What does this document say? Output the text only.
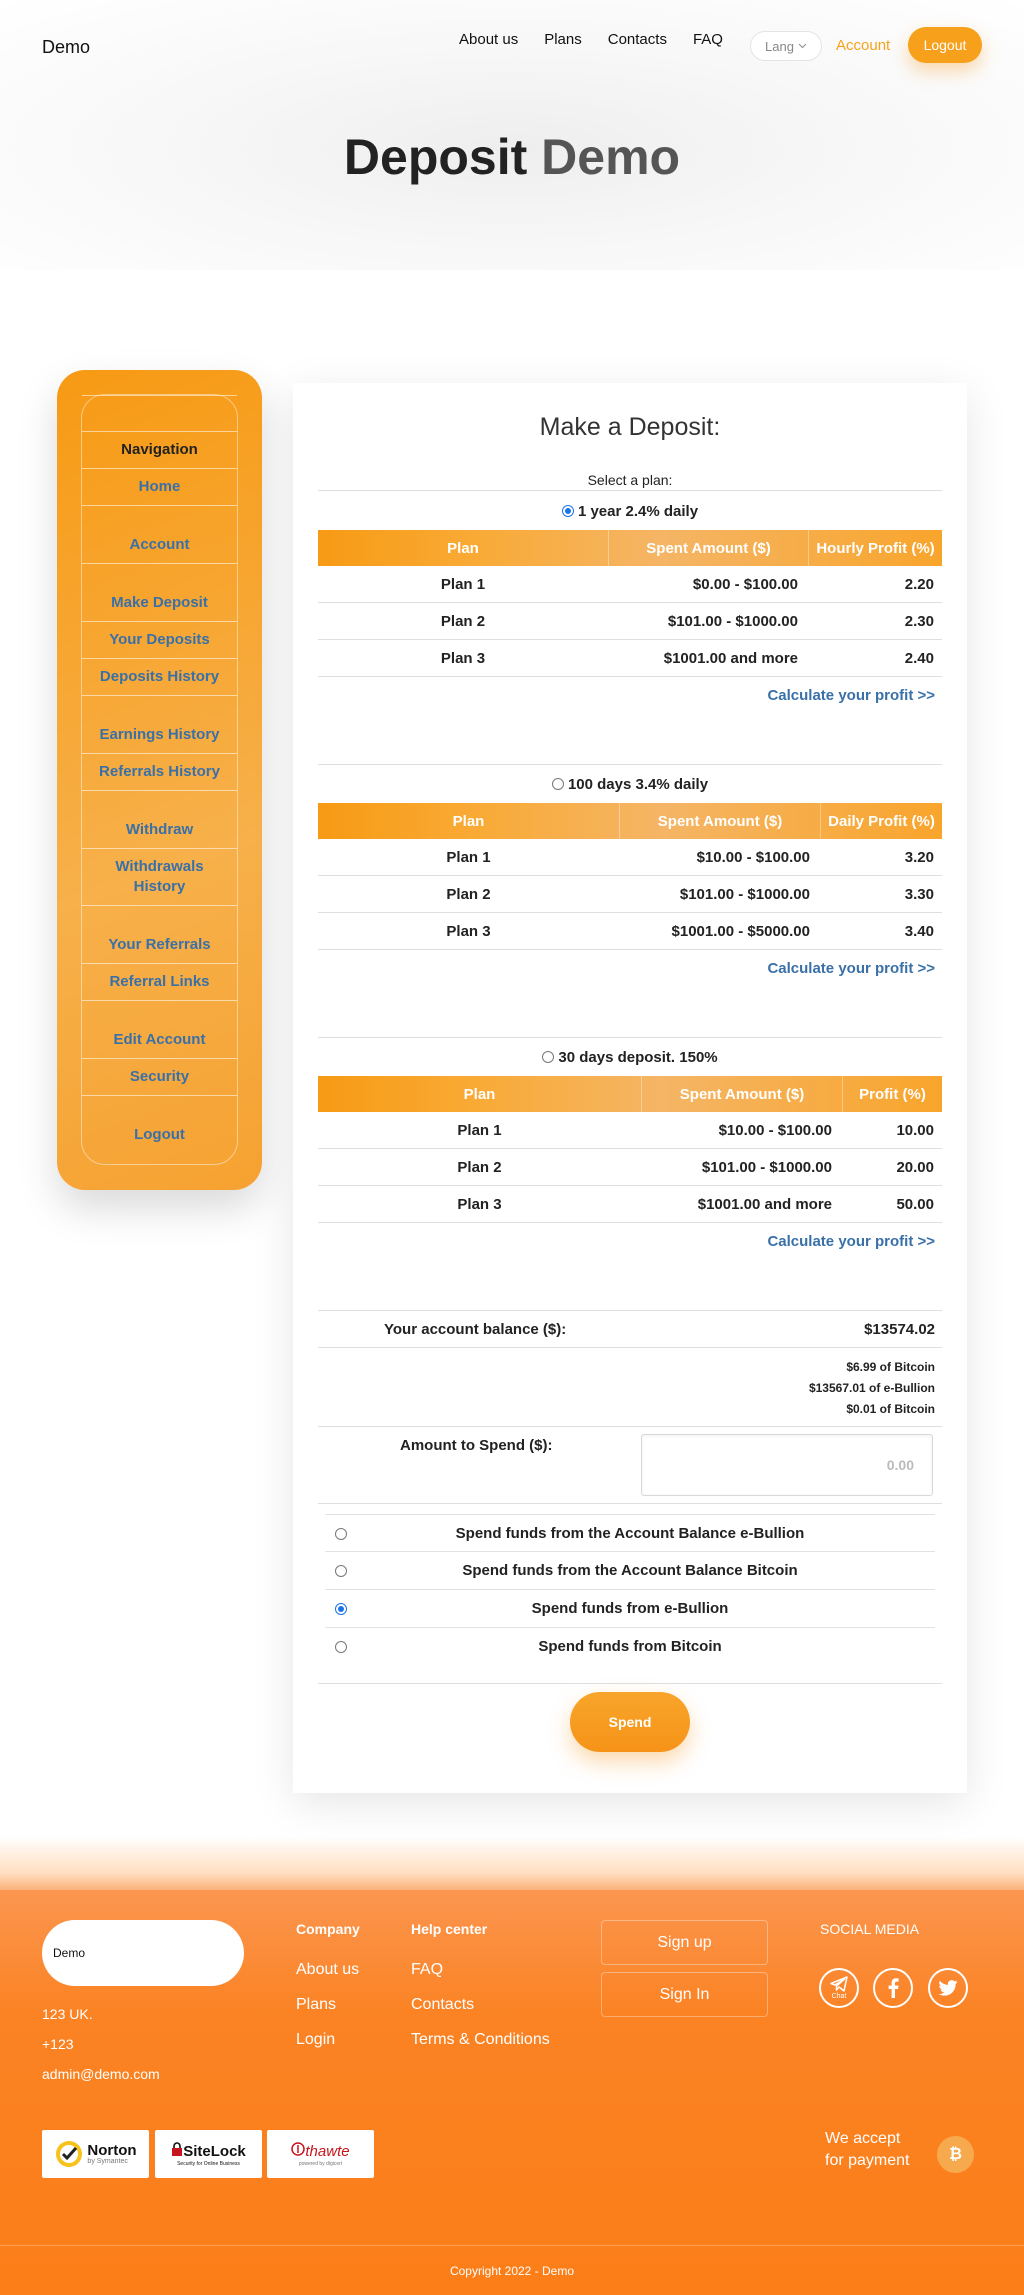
Demo	About us Plans Contacts FAQ	Lang	Account	Logout
Deposit Demo
Navigation
Home
Account
Make Deposit
Your Deposits
Deposits History
Earnings History
Referrals History
Withdraw
Withdrawals History
Your Referrals
Referral Links
Edit Account
Security
Logout
Make a Deposit:
Select a plan:
1 year 2.4% daily
Plan	Spent Amount ($)	Hourly Profit (%)
Plan 1	$0.00 - $100.00	2.20
Plan 2	$101.00 - $1000.00	2.30
Plan 3	$1001.00 and more	2.40
Calculate your profit >>
100 days 3.4% daily
Plan	Spent Amount ($)	Daily Profit (%)
Plan 1	$10.00 - $100.00	3.20
Plan 2	$101.00 - $1000.00	3.30
Plan 3	$1001.00 - $5000.00	3.40
Calculate your profit >>
30 days deposit. 150%
Plan	Spent Amount ($)	Profit (%)
Plan 1	$10.00 - $100.00	10.00
Plan 2	$101.00 - $1000.00	20.00
Plan 3	$1001.00 and more	50.00
Calculate your profit >>
Your account balance ($):	$13574.02
$6.99 of Bitcoin
$13567.01 of e-Bullion
$0.01 of Bitcoin
Amount to Spend ($):
0.00
Spend funds from the Account Balance e-Bullion
Spend funds from the Account Balance Bitcoin
Spend funds from e-Bullion
Spend funds from Bitcoin
Spend
Demo
123 UK.
+123
admin@demo.com
Company
About us
Plans
Login
Help center
FAQ
Contacts
Terms & Conditions
Sign up
Sign In
SOCIAL MEDIA
Chat
Norton
by Symantec
SiteLock
Security for Online Business
thawte
powered by digicert
We accept
for payment	₿
Copyright 2022 - Demo
